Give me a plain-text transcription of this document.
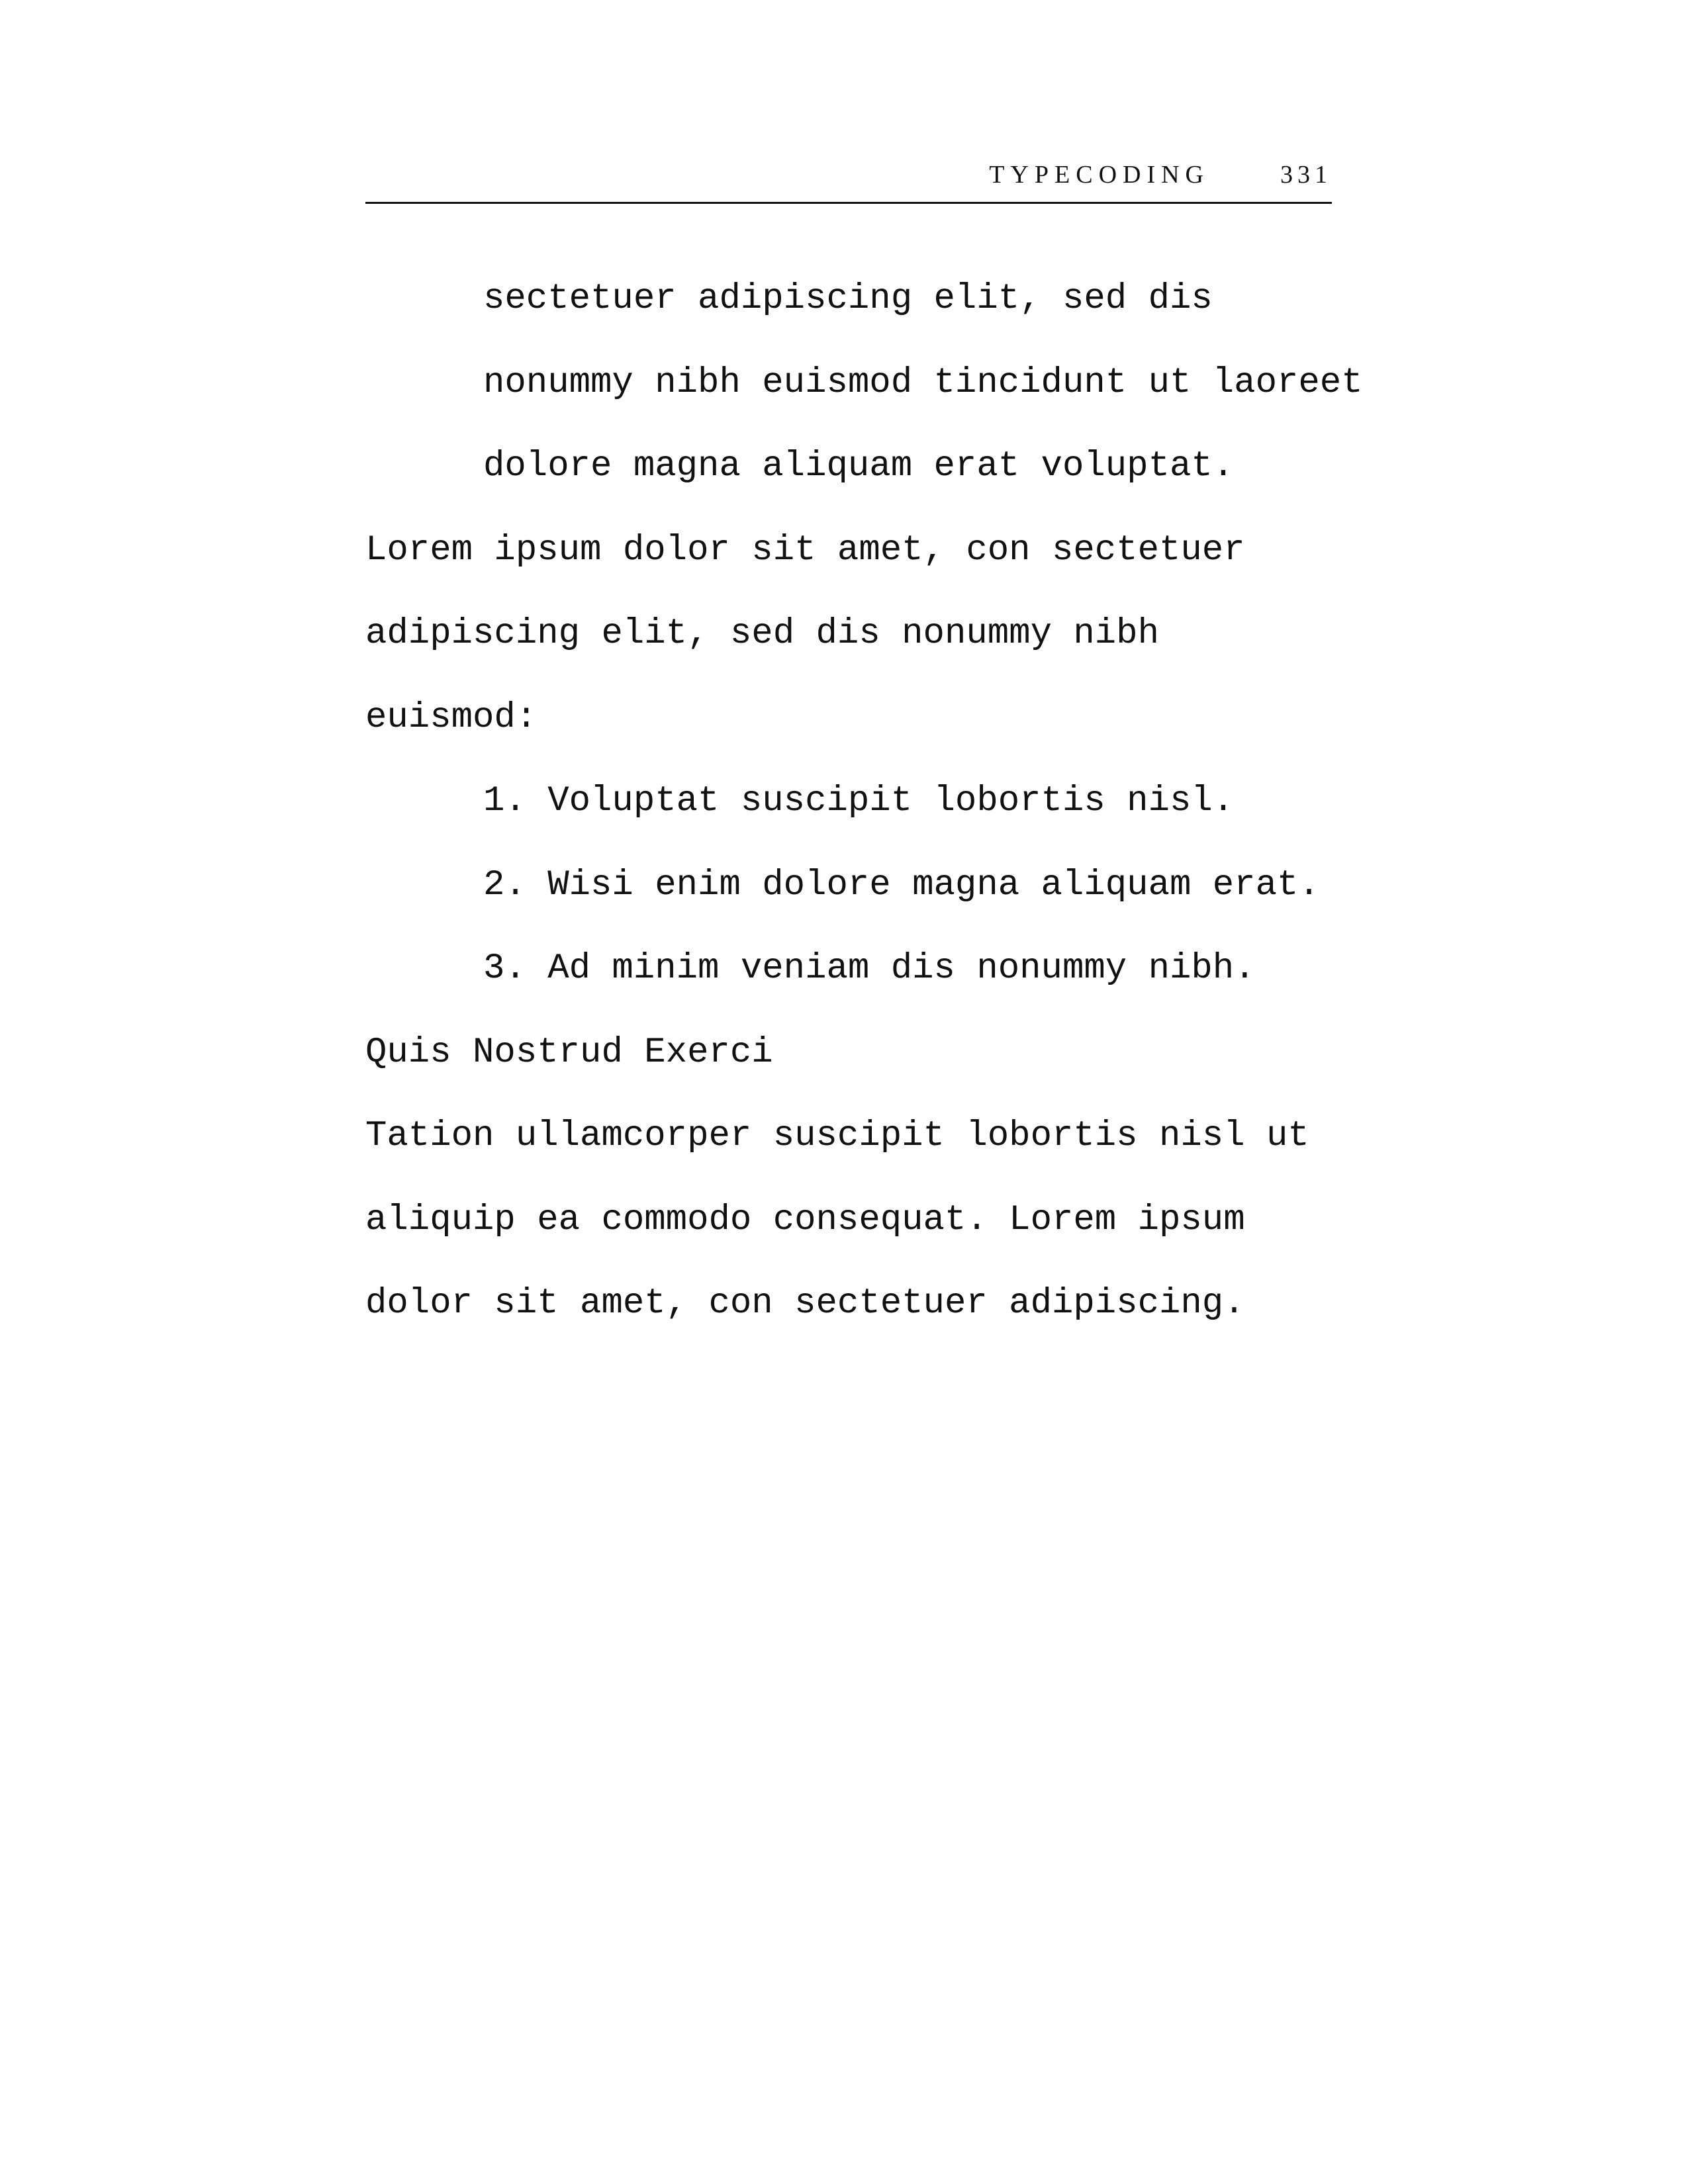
TYPECODING	331
sectetuer adipiscing elit, sed dis
nonummy nibh euismod tincidunt ut laoreet
dolore magna aliquam erat voluptat.
Lorem ipsum dolor sit amet, con sectetuer
adipiscing elit, sed dis nonummy nibh
euismod:
1. Voluptat suscipit lobortis nisl.
2. Wisi enim dolore magna aliquam erat.
3. Ad minim veniam dis nonummy nibh.
Quis Nostrud Exerci
Tation ullamcorper suscipit lobortis nisl ut
aliquip ea commodo consequat. Lorem ipsum
dolor sit amet, con sectetuer adipiscing.
